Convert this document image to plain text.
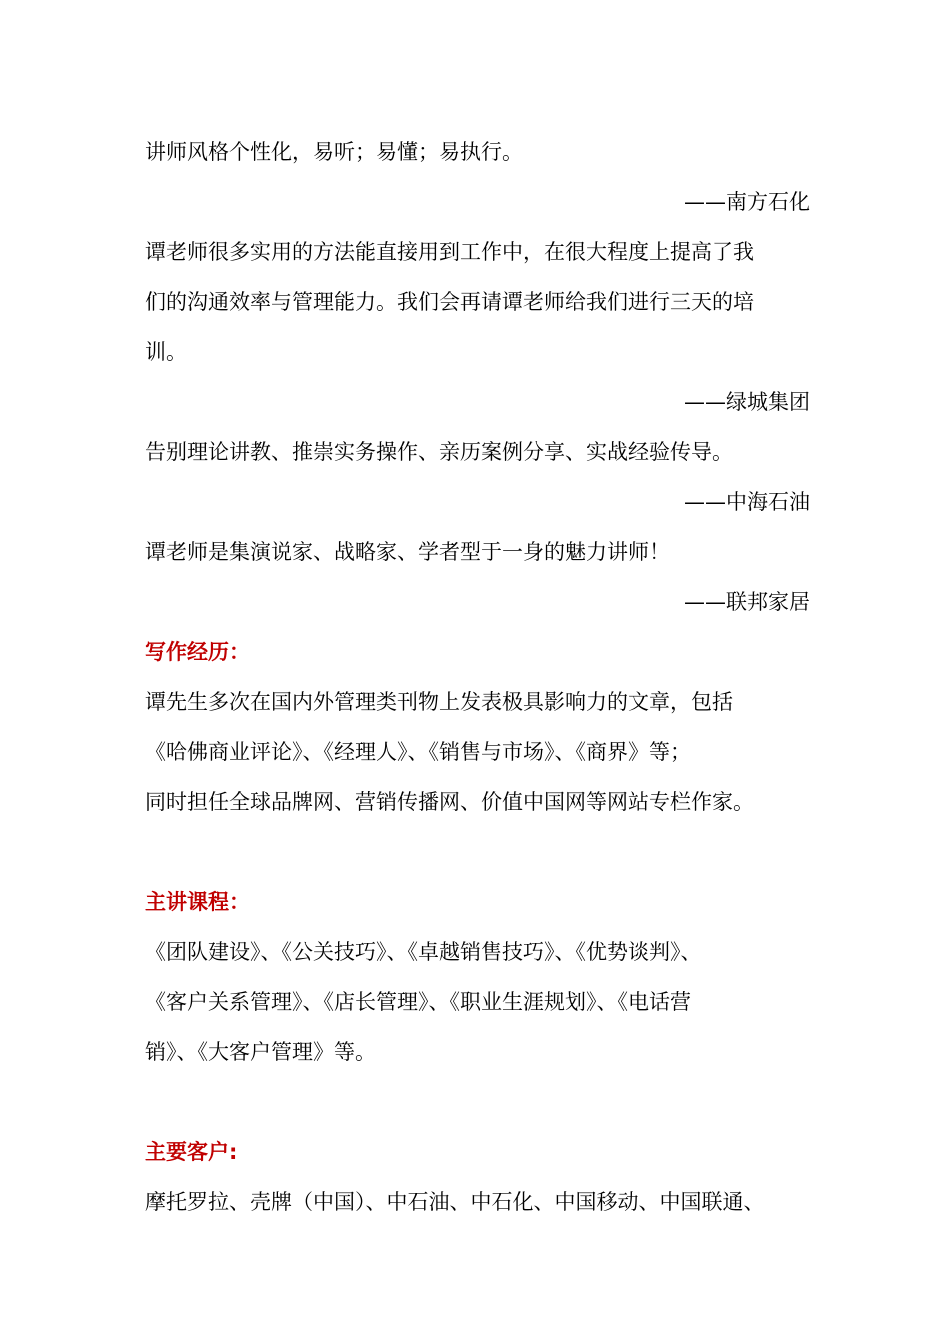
讲师风格个性化，易听；易懂；易执行。
——南方石化
谭老师很多实用的方法能直接用到工作中，在很大程度上提高了我
们的沟通效率与管理能力。我们会再请谭老师给我们进行三天的培
训。
——绿城集团
告别理论讲教、推崇实务操作、亲历案例分享、实战经验传导。
——中海石油
谭老师是集演说家、战略家、学者型于一身的魅力讲师！
——联邦家居
写作经历：
谭先生多次在国内外管理类刊物上发表极具影响力的文章，包括
《哈佛商业评论》、《经理人》、《销售与市场》、《商界》等；
同时担任全球品牌网、营销传播网、价值中国网等网站专栏作家。
主讲课程：
《团队建设》、《公关技巧》、《卓越销售技巧》、《优势谈判》、
《客户关系管理》、《店长管理》、《职业生涯规划》、《电话营
销》、《大客户管理》等。
主要客户:
摩托罗拉、壳牌（中国）、中石油、中石化、中国移动、中国联通、
